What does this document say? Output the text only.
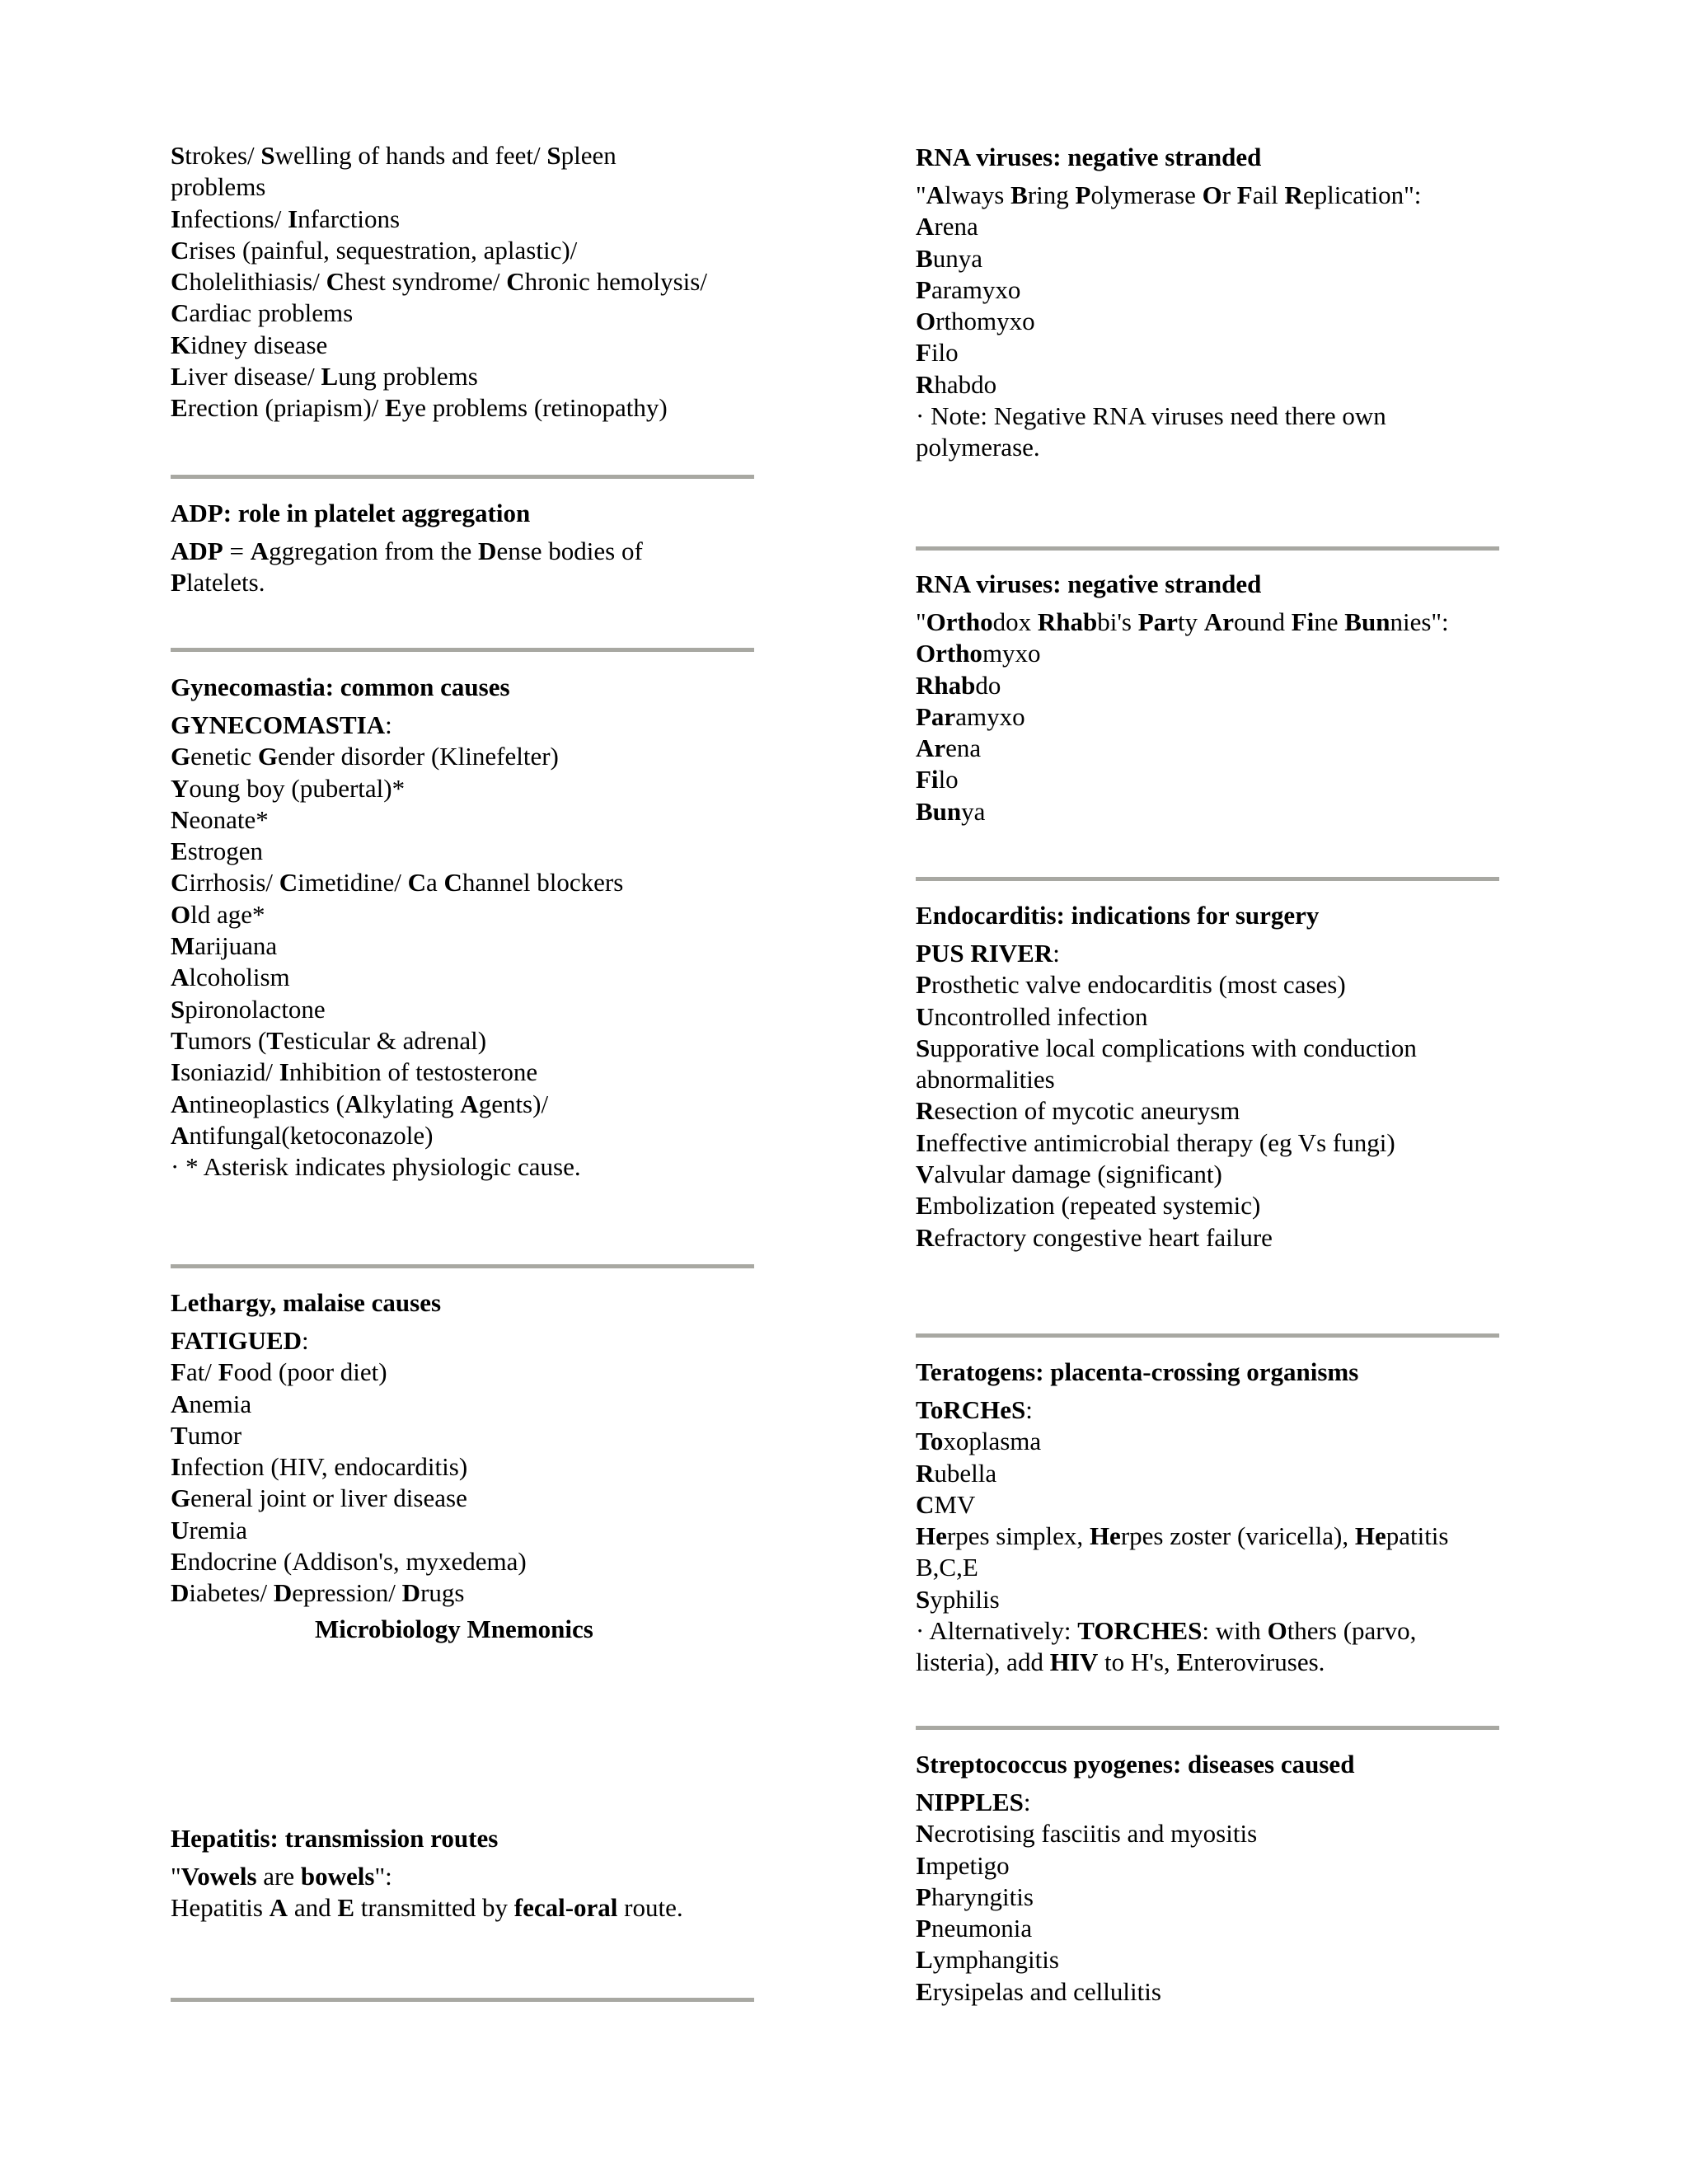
Strokes/ Swelling of hands and feet/ Spleen
problems
Infections/ Infarctions
Crises (painful, sequestration, aplastic)/
Cholelithiasis/ Chest syndrome/ Chronic hemolysis/
Cardiac problems
Kidney disease
Liver disease/ Lung problems
Erection (priapism)/ Eye problems (retinopathy)
ADP: role in platelet aggregation
ADP = Aggregation from the Dense bodies of
Platelets.
Gynecomastia: common causes
GYNECOMASTIA:
Genetic Gender disorder (Klinefelter)
Young boy (pubertal)*
Neonate*
Estrogen
Cirrhosis/ Cimetidine/ Ca Channel blockers
Old age*
Marijuana
Alcoholism
Spironolactone
Tumors (Testicular & adrenal)
Isoniazid/ Inhibition of testosterone
Antineoplastics (Alkylating Agents)/
Antifungal(ketoconazole)
· * Asterisk indicates physiologic cause.
Lethargy, malaise causes
FATIGUED:
Fat/ Food (poor diet)
Anemia
Tumor
Infection (HIV, endocarditis)
General joint or liver disease
Uremia
Endocrine (Addison's, myxedema)
Diabetes/ Depression/ Drugs
Microbiology Mnemonics
Hepatitis: transmission routes
"Vowels are bowels":
Hepatitis A and E transmitted by fecal-oral route.
RNA viruses: negative stranded
"Always Bring Polymerase Or Fail Replication":
Arena
Bunya
Paramyxo
Orthomyxo
Filo
Rhabdo
· Note: Negative RNA viruses need there own
polymerase.
RNA viruses: negative stranded
"Orthodox Rhabbi's Party Around Fine Bunnies":
Orthomyxo
Rhabdo
Paramyxo
Arena
Filo
Bunya
Endocarditis: indications for surgery
PUS RIVER:
Prosthetic valve endocarditis (most cases)
Uncontrolled infection
Supporative local complications with conduction
abnormalities
Resection of mycotic aneurysm
Ineffective antimicrobial therapy (eg Vs fungi)
Valvular damage (significant)
Embolization (repeated systemic)
Refractory congestive heart failure
Teratogens: placenta-crossing organisms
ToRCHeS:
Toxoplasma
Rubella
CMV
Herpes simplex, Herpes zoster (varicella), Hepatitis
B,C,E
Syphilis
· Alternatively: TORCHES: with Others (parvo,
listeria), add HIV to H's, Enteroviruses.
Streptococcus pyogenes: diseases caused
NIPPLES:
Necrotising fasciitis and myositis
Impetigo
Pharyngitis
Pneumonia
Lymphangitis
Erysipelas and cellulitis
